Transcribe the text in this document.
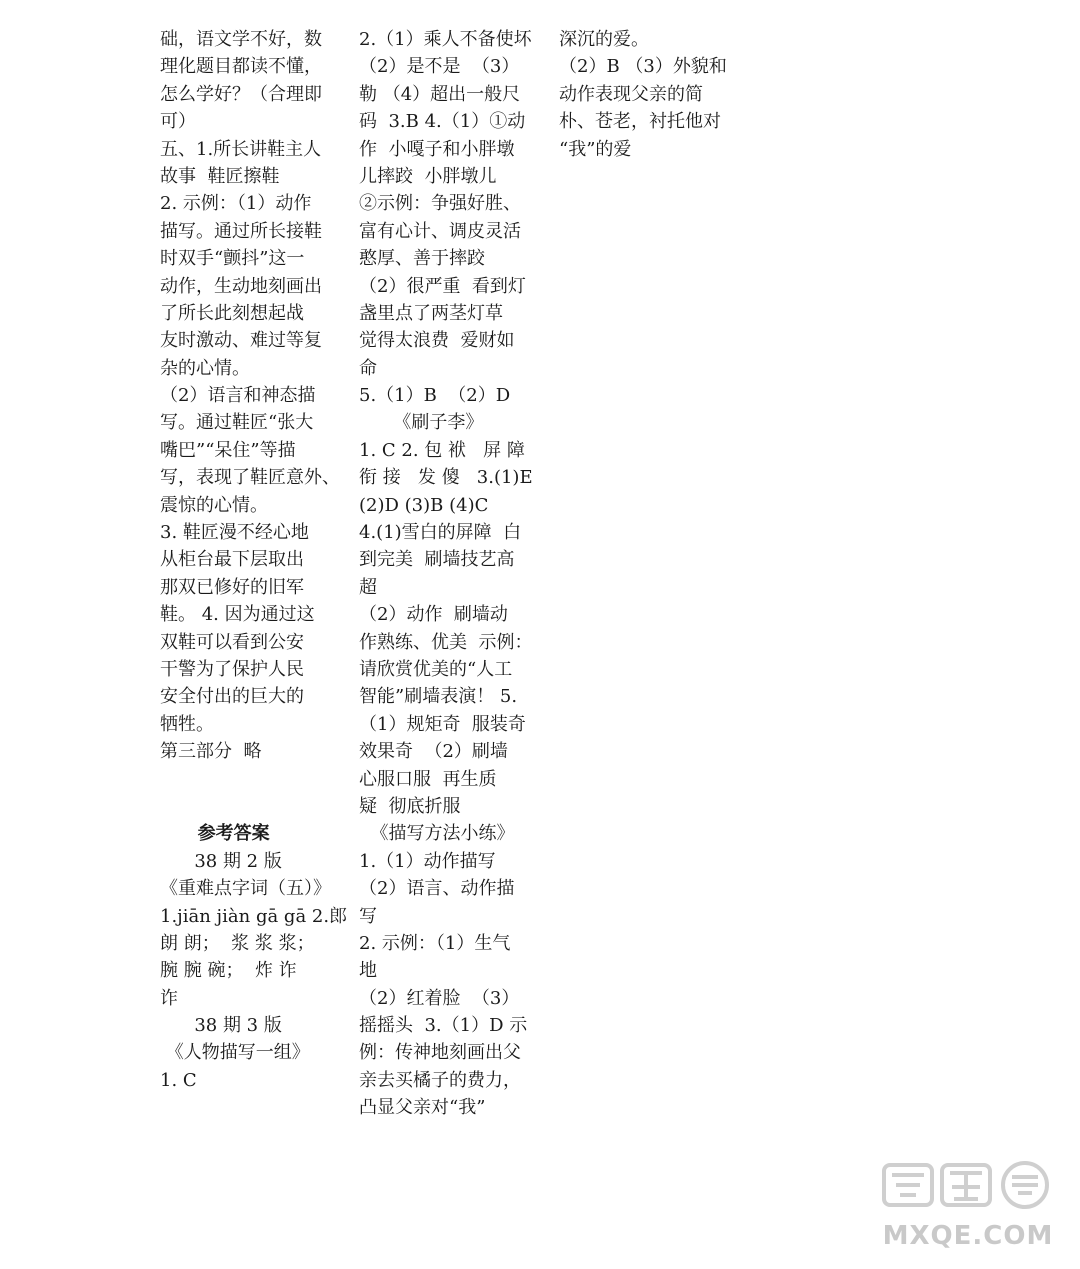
础，语文学不好，数
理化题目都读不懂，
怎么学好？（合理即
可）
五、1.所长讲鞋主人
故事  鞋匠擦鞋
2. 示例：（1）动作
描写。通过所长接鞋
时双手“颤抖”这一
动作，生动地刻画出
了所长此刻想起战
友时激动、难过等复
杂的心情。
（2）语言和神态描
写。通过鞋匠“张大
嘴巴”“呆住”等描
写，表现了鞋匠意外、
震惊的心情。
3. 鞋匠漫不经心地
从柜台最下层取出
那双已修好的旧军
鞋。 4. 因为通过这
双鞋可以看到公安
干警为了保护人民
安全付出的巨大的
牺牲。
第三部分  略
参考答案
38 期 2 版
《重难点字词（五）》
1.jiān jiàn gā gā 2.郎
朗 朗；  浆 浆 浆；
腕 腕 碗；  炸 诈
诈
38 期 3 版
《人物描写一组》
1. C
2.（1）乘人不备使坏
（2）是不是  （3）
勒 （4）超出一般尺
码  3.B 4.（1）①动
作  小嘎子和小胖墩
儿摔跤  小胖墩儿
②示例：争强好胜、
富有心计、调皮灵活
憨厚、善于摔跤
（2）很严重  看到灯
盏里点了两茎灯草
觉得太浪费  爱财如
命
5.（1）B  （2）D
《刷子李》
1. C 2. 包 袱   屏 障
衔 接   发 傻   3.(1)E
(2)D (3)B (4)C
4.(1)雪白的屏障  白
到完美  刷墙技艺高
超
（2）动作  刷墙动
作熟练、优美  示例：
请欣赏优美的“人工
智能”刷墙表演！ 5.
（1）规矩奇  服装奇
效果奇  （2）刷墙
心服口服  再生质
疑  彻底折服
《描写方法小练》
1.（1）动作描写
（2）语言、动作描
写
2. 示例：（1）生气
地
（2）红着脸  （3）
摇摇头  3.（1）D 示
例：传神地刻画出父
亲去买橘子的费力，
凸显父亲对“我”
深沉的爱。
（2）B （3）外貌和
动作表现父亲的简
朴、苍老，衬托他对
“我”的爱
MXQE.COM
